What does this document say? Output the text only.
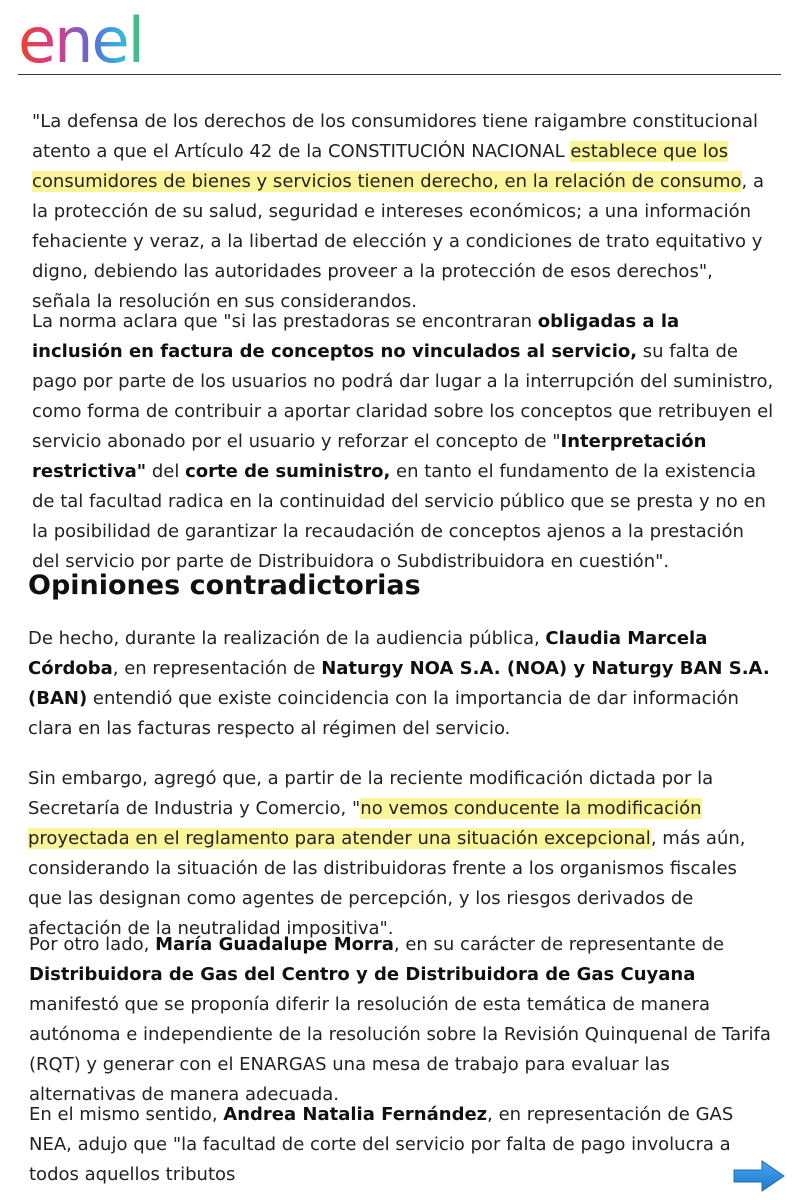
enel

"La defensa de los derechos de los consumidores tiene raigambre constitucional atento a que el Artículo 42 de la CONSTITUCIÓN NACIONAL establece que los consumidores de bienes y servicios tienen derecho, en la relación de consumo, a la protección de su salud, seguridad e intereses económicos; a una información fehaciente y veraz, a la libertad de elección y a condiciones de trato equitativo y digno, debiendo las autoridades proveer a la protección de esos derechos", señala la resolución en sus considerandos.

La norma aclara que "si las prestadoras se encontraran obligadas a la inclusión en factura de conceptos no vinculados al servicio, su falta de pago por parte de los usuarios no podrá dar lugar a la interrupción del suministro, como forma de contribuir a aportar claridad sobre los conceptos que retribuyen el servicio abonado por el usuario y reforzar el concepto de "Interpretación restrictiva" del corte de suministro, en tanto el fundamento de la existencia de tal facultad radica en la continuidad del servicio público que se presta y no en la posibilidad de garantizar la recaudación de conceptos ajenos a la prestación del servicio por parte de Distribuidora o Subdistribuidora en cuestión".

Opiniones contradictorias

De hecho, durante la realización de la audiencia pública, Claudia Marcela Córdoba, en representación de Naturgy NOA S.A. (NOA) y Naturgy BAN S.A. (BAN) entendió que existe coincidencia con la importancia de dar información clara en las facturas respecto al régimen del servicio.

Sin embargo, agregó que, a partir de la reciente modificación dictada por la Secretaría de Industria y Comercio, "no vemos conducente la modificación proyectada en el reglamento para atender una situación excepcional, más aún, considerando la situación de las distribuidoras frente a los organismos fiscales que las designan como agentes de percepción, y los riesgos derivados de afectación de la neutralidad impositiva".

Por otro lado, María Guadalupe Morra, en su carácter de representante de Distribuidora de Gas del Centro y de Distribuidora de Gas Cuyana manifestó que se proponía diferir la resolución de esta temática de manera autónoma e independiente de la resolución sobre la Revisión Quinquenal de Tarifa (RQT) y generar con el ENARGAS una mesa de trabajo para evaluar las alternativas de manera adecuada.

En el mismo sentido, Andrea Natalia Fernández, en representación de GAS NEA, adujo que "la facultad de corte del servicio por falta de pago involucra a todos aquellos tributos
